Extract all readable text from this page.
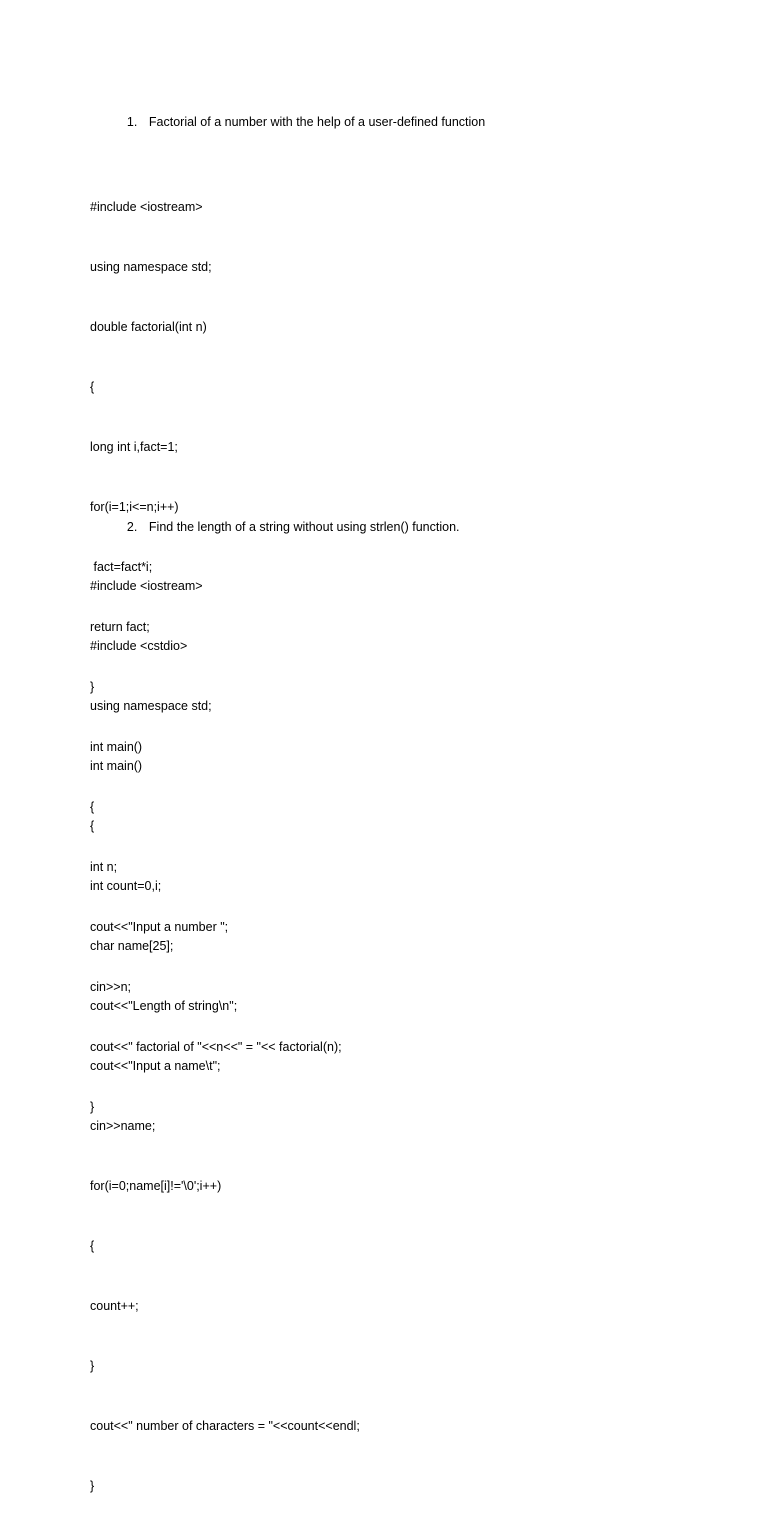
1. Factorial of a number with the help of a user-defined function

#include <iostream>

using namespace std;

double factorial(int n)

{

long int i,fact=1;

for(i=1;i<=n;i++)

fact=fact*i;

return fact;

}

int main()

{

int n;

cout<<"Input a number ";

cin>>n;

cout<<" factorial of "<<n<<" = "<< factorial(n);

}

2. Find the length of a string without using strlen() function.

#include <iostream>

#include <cstdio>

using namespace std;

int main()

{

int count=0,i;

char name[25];

cout<<"Length of string\n";

cout<<"Input a name\t";

cin>>name;

for(i=0;name[i]!='\0';i++)

{

count++;

}

cout<<" number of characters = "<<count<<endl;

}
